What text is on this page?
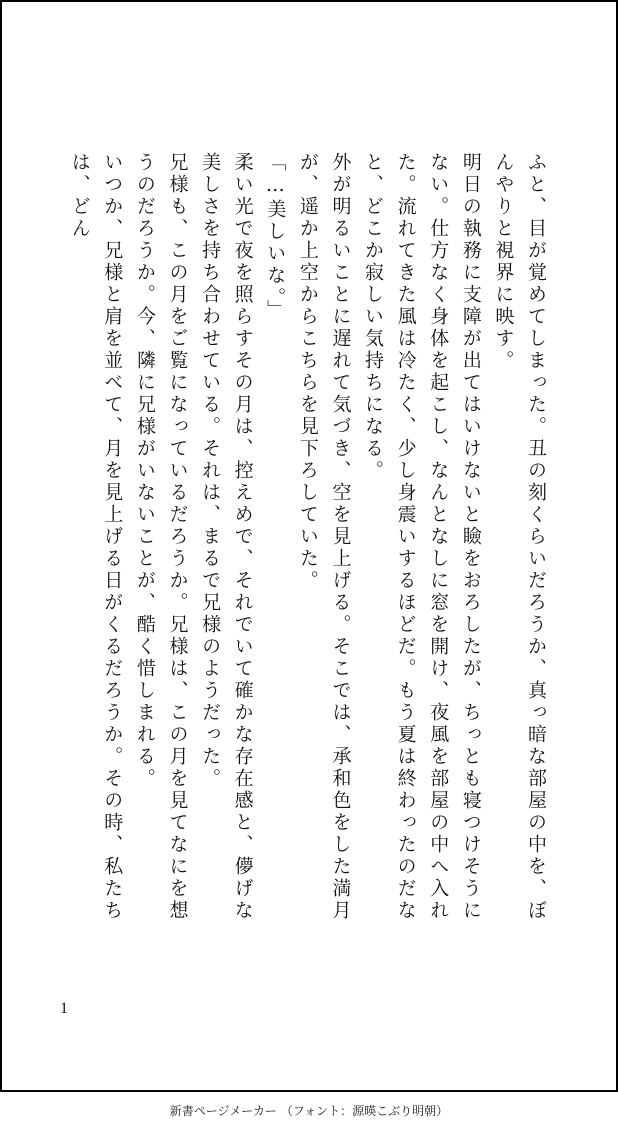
ふと、目が覚めてしまった。丑の刻くらいだろうか、真っ暗な部屋の中を、ぼんやりと視界に映す。

明日の執務に支障が出てはいけないと瞼をおろしたが、ちっとも寝つけそうにない。仕方なく身体を起こし、なんとなしに窓を開け、夜風を部屋の中へ入れた。流れてきた風は冷たく、少し身震いするほどだ。もう夏は終わったのだなと、どこか寂しい気持ちになる。

外が明るいことに遅れて気づき、空を見上げる。そこでは、承和色をした満月が、遥か上空からこちらを見下ろしていた。

「…美しいな。」

柔い光で夜を照らすその月は、控えめで、それでいて確かな存在感と、儚げな美しさを持ち合わせている。それは、まるで兄様のようだった。

兄様も、この月をご覧になっているだろうか。兄様は、この月を見てなにを想うのだろうか。今、隣に兄様がいないことが、酷く惜しまれる。

いつか、兄様と肩を並べて、月を見上げる日がくるだろうか。その時、私たちは、どん

1
新書ページメーカー （フォント：源暎こぶり明朝）
